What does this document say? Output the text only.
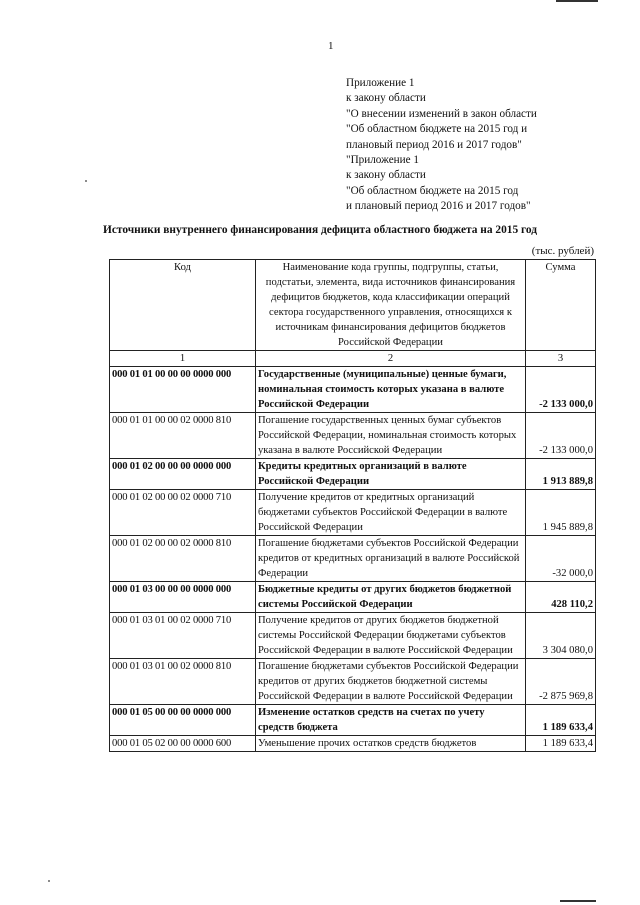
1
Приложение 1
к закону области
"О внесении изменений в закон области
"Об областном бюджете на 2015 год и
плановый период 2016 и 2017 годов"
"Приложение 1
к закону области
"Об областном бюджете на 2015 год
и плановый период 2016 и 2017 годов"
Источники внутреннего финансирования дефицита областного бюджета на 2015 год
(тыс. рублей)
Код	Наименование кода группы, подгруппы, статьи, подстатьи, элемента, вида источников финансирования дефицитов бюджетов, кода классификации операций сектора государственного управления, относящихся к источникам финансирования дефицитов бюджетов Российской Федерации	Сумма
1	2	3
000 01 01 00 00 00 0000 000	Государственные (муниципальные) ценные бумаги, номинальная стоимость которых указана в валюте Российской Федерации	-2 133 000,0
000 01 01 00 00 02 0000 810	Погашение государственных ценных бумаг субъектов Российской Федерации, номинальная стоимость которых указана в валюте Российской Федерации	-2 133 000,0
000 01 02 00 00 00 0000 000	Кредиты кредитных организаций в валюте Российской Федерации	1 913 889,8
000 01 02 00 00 02 0000 710	Получение кредитов от кредитных организаций бюджетами субъектов Российской Федерации в валюте Российской Федерации	1 945 889,8
000 01 02 00 00 02 0000 810	Погашение бюджетами субъектов Российской Федерации кредитов от кредитных организаций в валюте Российской Федерации	-32 000,0
000 01 03 00 00 00 0000 000	Бюджетные кредиты от других бюджетов бюджетной системы Российской Федерации	428 110,2
000 01 03 01 00 02 0000 710	Получение кредитов от других бюджетов бюджетной системы Российской Федерации бюджетами субъектов Российской Федерации в валюте Российской Федерации	3 304 080,0
000 01 03 01 00 02 0000 810	Погашение бюджетами субъектов Российской Федерации кредитов от других бюджетов бюджетной системы Российской Федерации в валюте Российской Федерации	-2 875 969,8
000 01 05 00 00 00 0000 000	Изменение остатков средств на счетах по учету средств бюджета	1 189 633,4
000 01 05 02 00 00 0000 600	Уменьшение прочих остатков средств бюджетов	1 189 633,4
